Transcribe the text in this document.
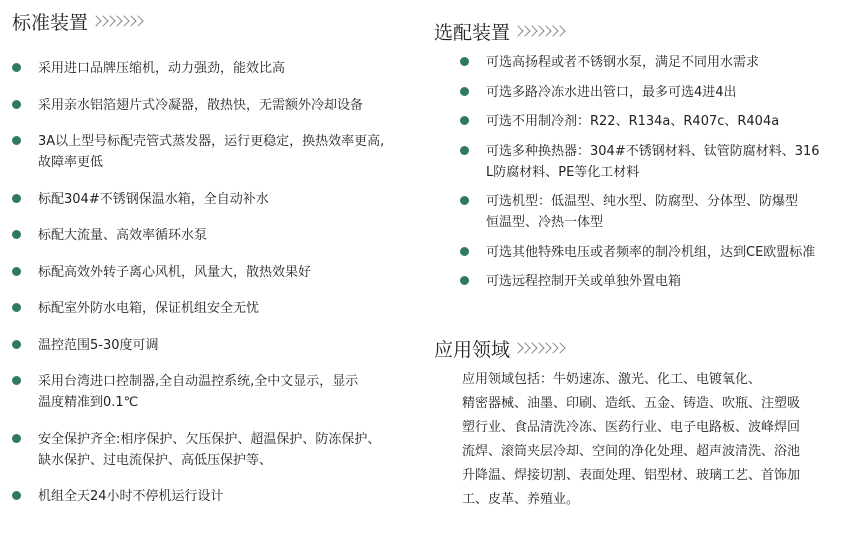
标准装置
采用进口品牌压缩机，动力强劲，能效比高
采用亲水铝箔翅片式冷凝器，散热快，无需额外冷却设备
3A以上型号标配壳管式蒸发器，运行更稳定，换热效率更高,
故障率更低
标配304#不锈钢保温水箱，全自动补水
标配大流量、高效率循环水泵
标配高效外转子离心风机，风量大，散热效果好
标配室外防水电箱，保证机组安全无忧
温控范围5-30度可调
采用台湾进口控制器,全自动温控系统,全中文显示，显示
温度精准到0.1℃
安全保护齐全:相序保护、欠压保护、超温保护、防冻保护、
缺水保护、过电流保护、高低压保护等、
机组全天24小时不停机运行设计
选配装置
可选高扬程或者不锈钢水泵，满足不同用水需求
可选多路冷冻水进出管口，最多可选4进4出
可选不用制冷剂：R22、R134a、R407c、R404a
可选多种换热器：304#不锈钢材料、钛管防腐材料、316
L防腐材料、PE等化工材料
可选机型：低温型、纯水型、防腐型、分体型、防爆型
恒温型、冷热一体型
可选其他特殊电压或者频率的制冷机组，达到CE欧盟标准
可选远程控制开关或单独外置电箱
应用领域
应用领域包括：牛奶速冻、激光、化工、电镀氧化、
精密器械、油墨、印刷、造纸、五金、铸造、吹瓶、注塑吸
塑行业、食品清洗冷冻、医药行业、电子电路板、波峰焊回
流焊、滚筒夹层冷却、空间的净化处理、超声波清洗、浴池
升降温、焊接切割、表面处理、铝型材、玻璃工艺、首饰加
工、皮革、养殖业。
